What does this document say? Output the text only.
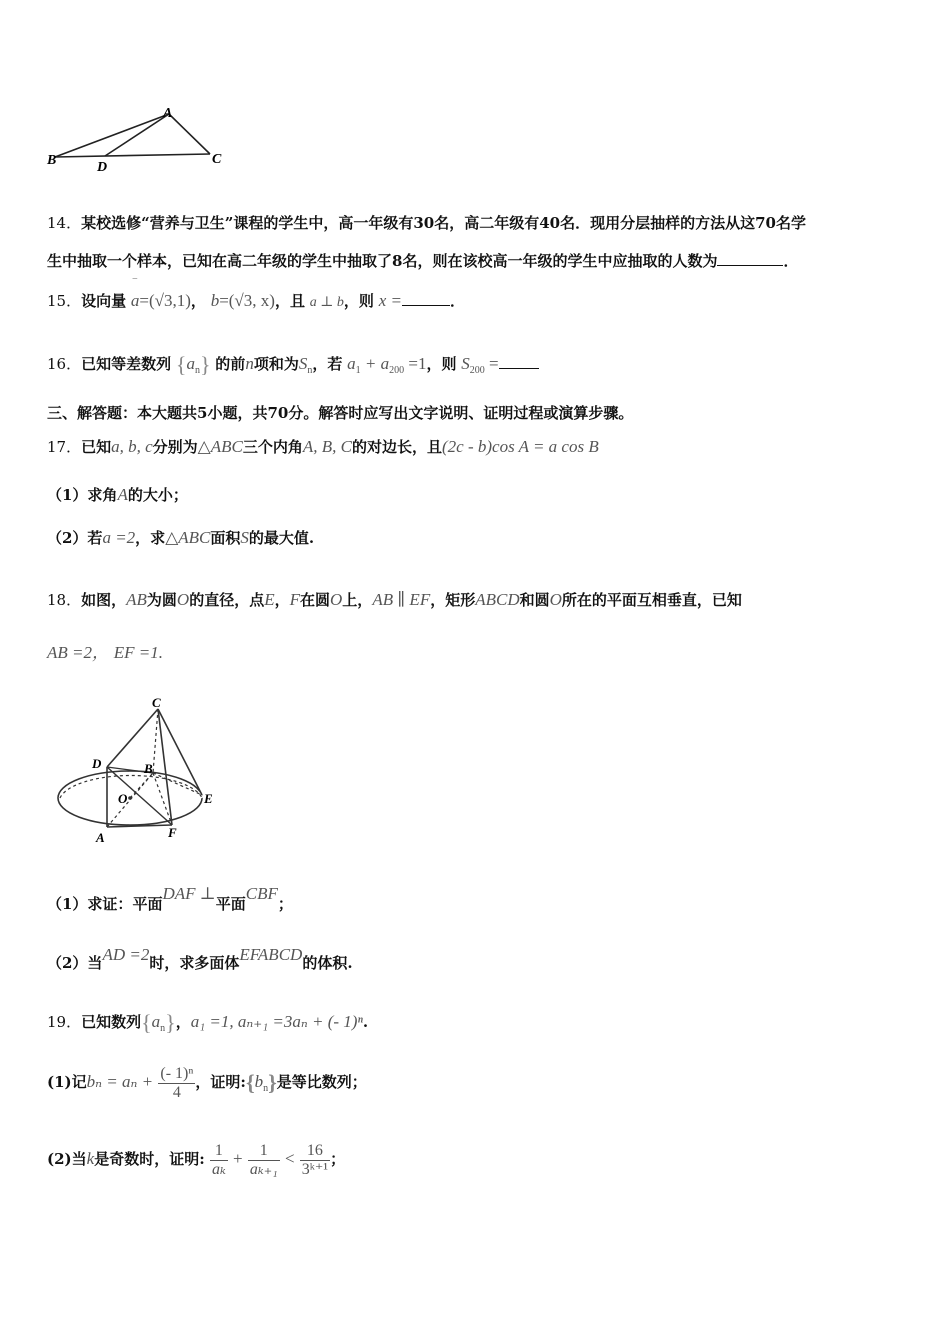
A
B	C
D
14．某校选修“营养与卫生”课程的学生中，高一年级有30名，高二年级有40名．现用分层抽样的方法从这70名学
生中抽取一个样本，已知在高二年级的学生中抽取了8名，则在该校高一年级的学生中应抽取的人数为	．
15．设向量
‾
a=(√3,1)， b=(√3, x)，且 a ⊥ b，则 x =	．
16．已知等差数列 $\{a_n\}$ 的前n项和为$S_n$，若 $a_1 + a_{200} =1$，则 $S_{200}$ =
三、解答题：本大题共5小题，共70分。解答时应写出文字说明、证明过程或演算步骤。
17．已知a, b, c分别为△ABC三个内角A, B, C的对边长，且(2c - b)cos A = a cos B
（1）求角A的大小；
（2）若a =2，求△ABC面积S的最大值.
18．如图，AB为圆O的直径，点E，F在圆O上，AB ∥ EF，矩形ABCD和圆O所在的平面互相垂直，已知
AB =2， EF =1.
C
D	B
O	E
A	F
（1）求证：平面DAF ⊥平面CBF；
（2）当AD =2时，求多面体EFABCD的体积.
19．已知数列$\{a_n\}$，a₁ =1, aₙ₊₁ =3aₙ + (- 1)ⁿ.
(1)记$b_n = a_n + \frac{\text{(- 1)ⁿ}}{4}$ ，证明$:\{b_n\}$是等比数列；
(2)当k是奇数时，证明: $\frac{1}{\text{aₖ}} + \frac{1}{\text{aₖ₊₁}} < \frac{16}{\text{3ᵏ⁺¹}}$ ；
